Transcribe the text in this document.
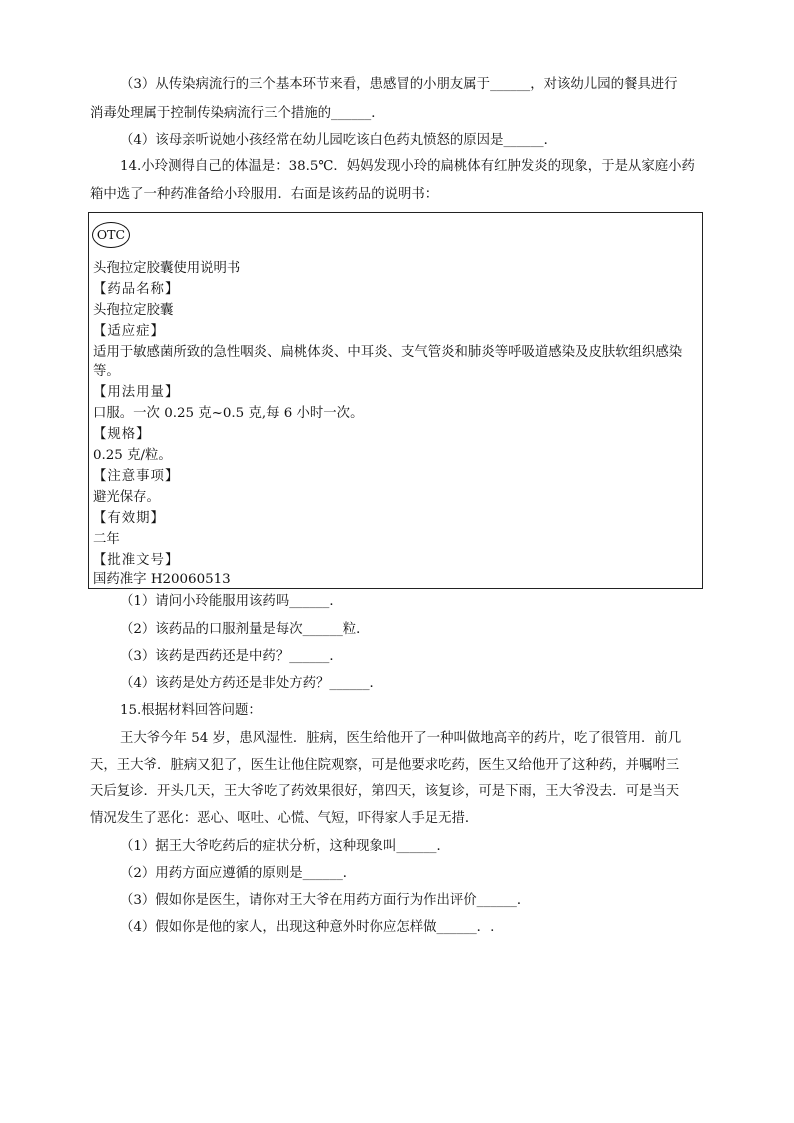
（3）从传染病流行的三个基本环节来看，患感冒的小朋友属于______，对该幼儿园的餐具进行
消毒处理属于控制传染病流行三个措施的______．
（4）该母亲听说她小孩经常在幼儿园吃该白色药丸愤怒的原因是______．
14.小玲测得自己的体温是：38.5℃．妈妈发现小玲的扁桃体有红肿发炎的现象，于是从家庭小药
箱中选了一种药准备给小玲服用．右面是该药品的说明书：
OTC
头孢拉定胶囊使用说明书
【药品名称】
头孢拉定胶囊
【适应症】
适用于敏感菌所致的急性咽炎、扁桃体炎、中耳炎、支气管炎和肺炎等呼吸道感染及皮肤软组织感染
等。
【用法用量】
口服。一次 0.25 克~0.5 克,每 6 小时一次。
【规格】
0.25 克/粒。
【注意事项】
避光保存。
【有效期】
二年
【批准文号】
国药准字 H20060513
（1）请问小玲能服用该药吗______．
（2）该药品的口服剂量是每次______粒．
（3）该药是西药还是中药？______．
（4）该药是处方药还是非处方药？______．
15.根据材料回答问题：
王大爷今年 54 岁，患风湿性．脏病，医生给他开了一种叫做地高辛的药片，吃了很管用．前几
天，王大爷．脏病又犯了，医生让他住院观察，可是他要求吃药，医生又给他开了这种药，并嘱咐三
天后复诊．开头几天，王大爷吃了药效果很好，第四天，该复诊，可是下雨，王大爷没去．可是当天
情况发生了恶化：恶心、呕吐、心慌、气短，吓得家人手足无措．
（1）据王大爷吃药后的症状分析，这种现象叫______．
（2）用药方面应遵循的原则是______．
（3）假如你是医生，请你对王大爷在用药方面行为作出评价______．
（4）假如你是他的家人，出现这种意外时你应怎样做______．.
